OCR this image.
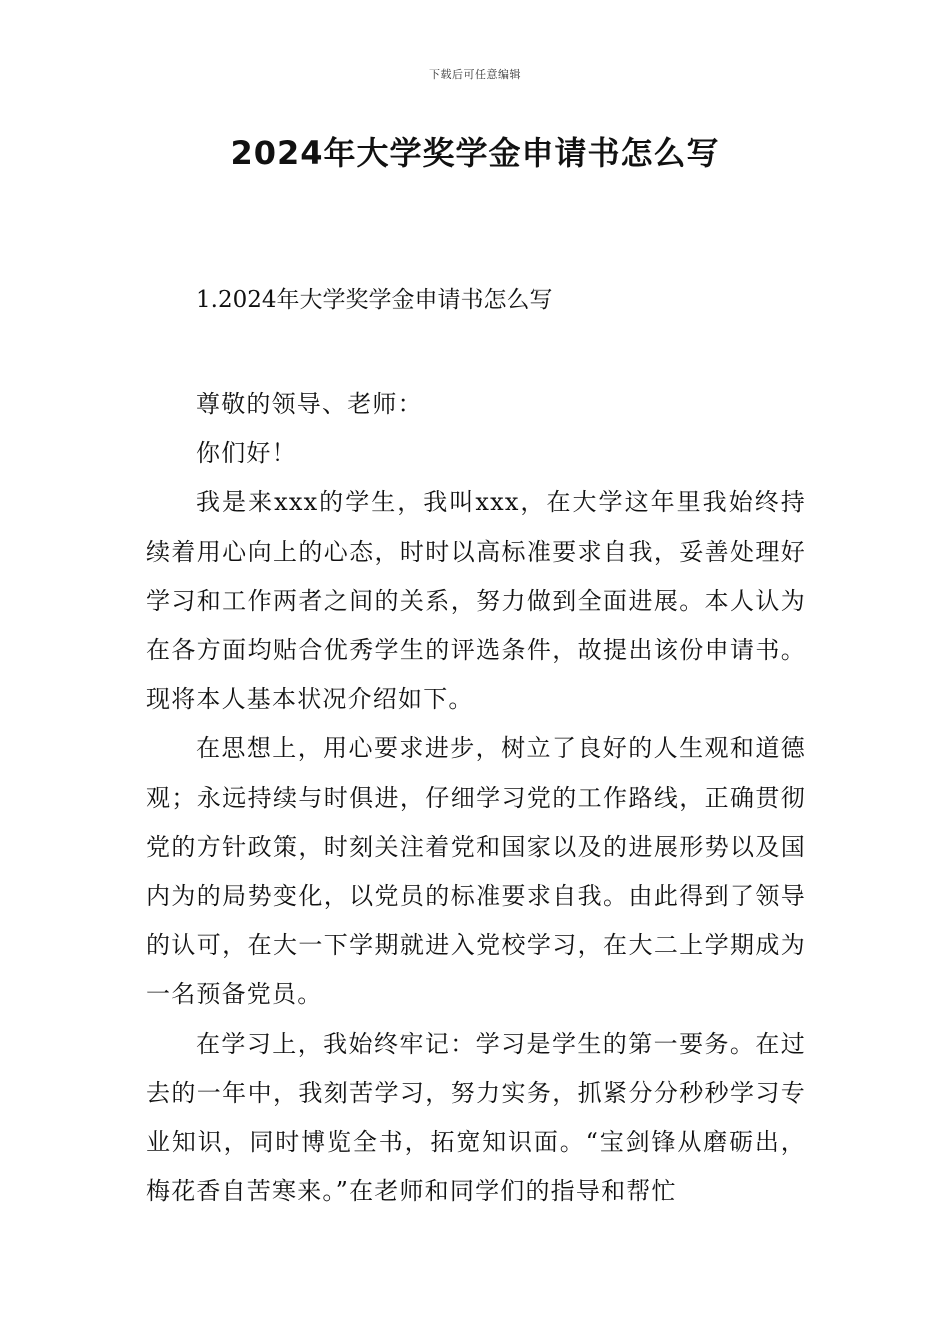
下载后可任意编辑
2024年大学奖学金申请书怎么写
1.2024年大学奖学金申请书怎么写

尊敬的领导、老师：

你们好！

我是来xxx的学生，我叫xxx，在大学这年里我始终持续着用心向上的心态，时时以高标准要求自我，妥善处理好学习和工作两者之间的关系，努力做到全面进展。本人认为在各方面均贴合优秀学生的评选条件，故提出该份申请书。现将本人基本状况介绍如下。

在思想上，用心要求进步，树立了良好的人生观和道德观；永远持续与时俱进，仔细学习党的工作路线，正确贯彻党的方针政策，时刻关注着党和国家以及的进展形势以及国内为的局势变化，以党员的标准要求自我。由此得到了领导的认可，在大一下学期就进入党校学习，在大二上学期成为一名预备党员。

在学习上，我始终牢记：学习是学生的第一要务。在过去的一年中，我刻苦学习，努力实务，抓紧分分秒秒学习专业知识，同时博览全书，拓宽知识面。“宝剑锋从磨砺出，梅花香自苦寒来。”在老师和同学们的指导和帮忙
